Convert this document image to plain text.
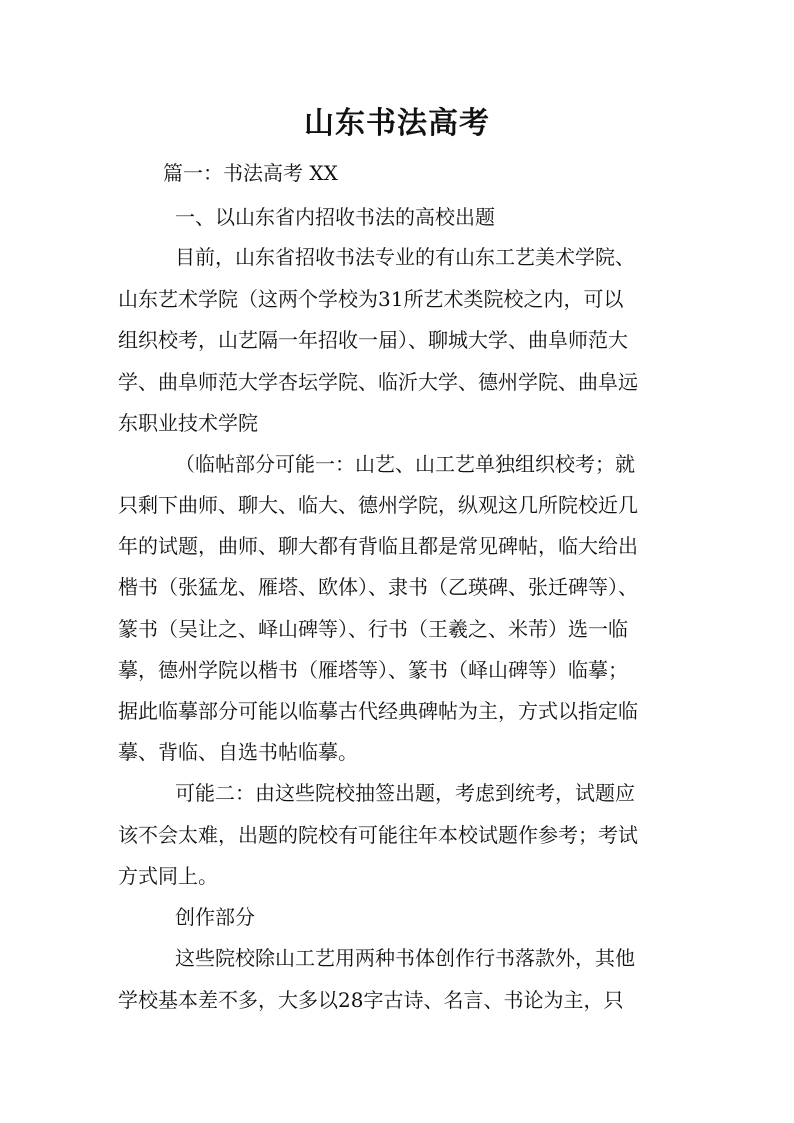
山东书法高考
篇一：书法高考 XX
一、以山东省内招收书法的高校出题
目前，山东省招收书法专业的有山东工艺美术学院、
山东艺术学院（这两个学校为31所艺术类院校之内，可以
组织校考，山艺隔一年招收一届）、聊城大学、曲阜师范大
学、曲阜师范大学杏坛学院、临沂大学、德州学院、曲阜远
东职业技术学院
（临帖部分可能一：山艺、山工艺单独组织校考；就
只剩下曲师、聊大、临大、德州学院，纵观这几所院校近几
年的试题，曲师、聊大都有背临且都是常见碑帖，临大给出
楷书（张猛龙、雁塔、欧体）、隶书（乙瑛碑、张迁碑等）、
篆书（吴让之、峄山碑等）、行书（王羲之、米芾）选一临
摹，德州学院以楷书（雁塔等）、篆书（峄山碑等）临摹；
据此临摹部分可能以临摹古代经典碑帖为主，方式以指定临
摹、背临、自选书帖临摹。
可能二：由这些院校抽签出题，考虑到统考，试题应
该不会太难，出题的院校有可能往年本校试题作参考；考试
方式同上。
创作部分
这些院校除山工艺用两种书体创作行书落款外，其他
学校基本差不多，大多以28字古诗、名言、书论为主，只
